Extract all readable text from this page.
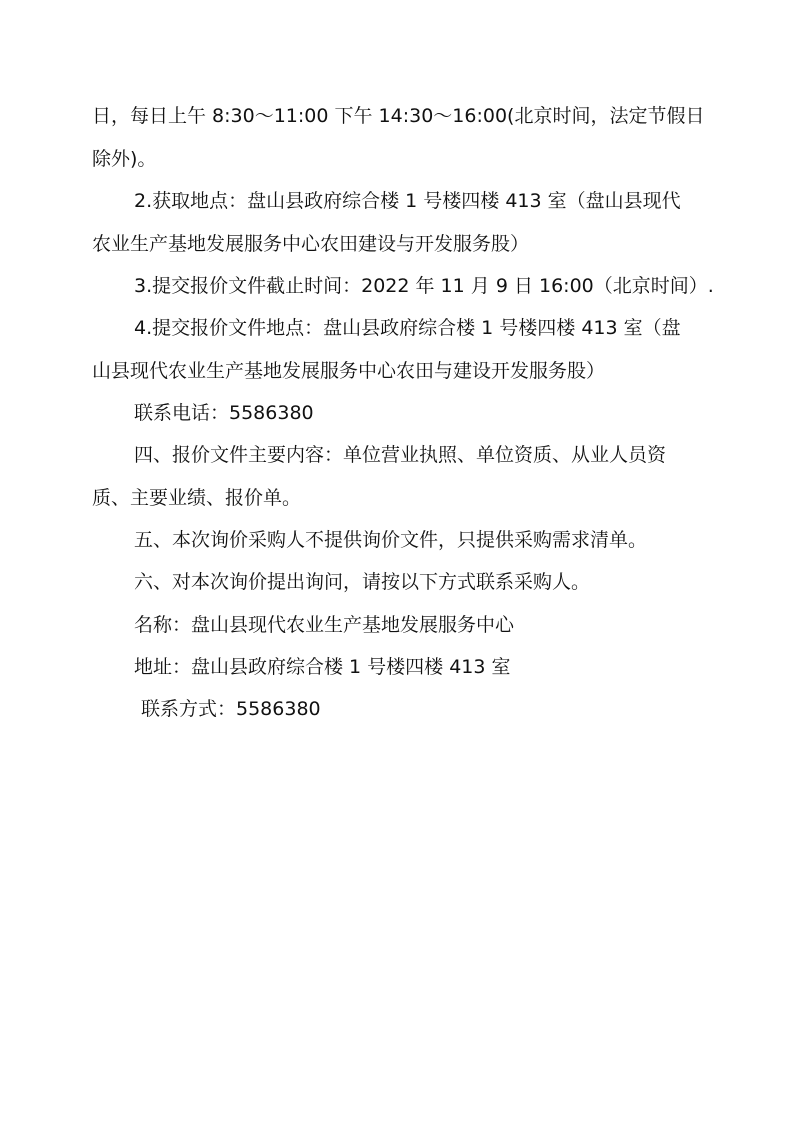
日，每日上午 8:30～11:00 下午 14:30～16:00(北京时间，法定节假日
除外)。
2.获取地点：盘山县政府综合楼 1 号楼四楼 413 室（盘山县现代
农业生产基地发展服务中心农田建设与开发服务股）
3.提交报价文件截止时间：2022 年 11 月 9 日 16:00（北京时间）.
4.提交报价文件地点：盘山县政府综合楼 1 号楼四楼 413 室（盘
山县现代农业生产基地发展服务中心农田与建设开发服务股）
联系电话：5586380
四、报价文件主要内容：单位营业执照、单位资质、从业人员资
质、主要业绩、报价单。
五、本次询价采购人不提供询价文件，只提供采购需求清单。
六、对本次询价提出询问，请按以下方式联系采购人。
名称：盘山县现代农业生产基地发展服务中心
地址：盘山县政府综合楼 1 号楼四楼 413 室
联系方式：5586380
